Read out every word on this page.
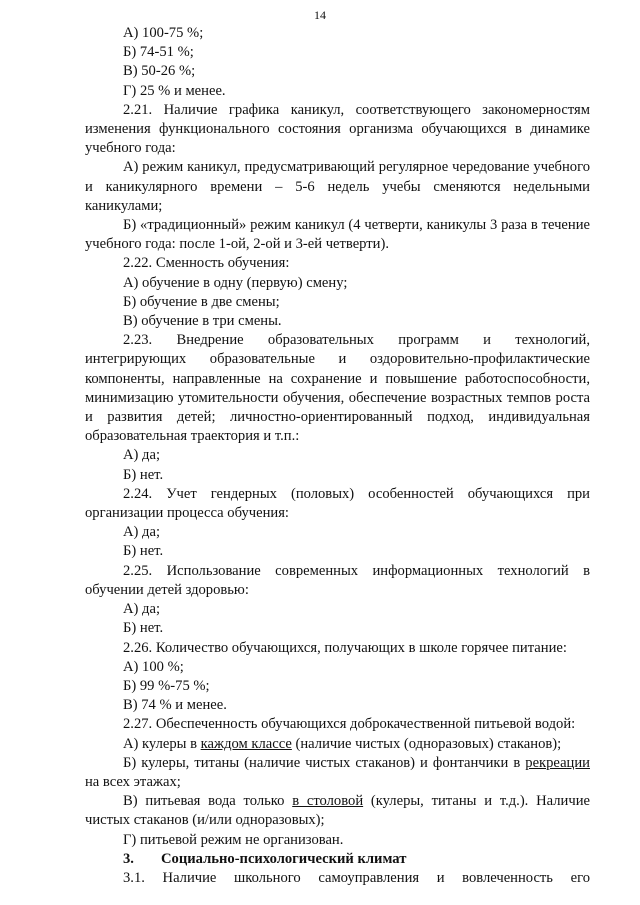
14

А) 100-75 %;

Б) 74-51 %;

В) 50-26 %;

Г) 25 % и менее.

2.21. Наличие графика каникул, соответствующего закономерностям изменения функционального состояния организма обучающихся в динамике учебного года:

А) режим каникул, предусматривающий регулярное чередование учебного и каникулярного времени – 5-6 недель учебы сменяются недельными каникулами;

Б) «традиционный» режим каникул (4 четверти, каникулы 3 раза в течение учебного года: после 1-ой, 2-ой и 3-ей четверти).

2.22. Сменность обучения:

А) обучение в одну (первую) смену;

Б) обучение в две смены;

В) обучение в три смены.

2.23. Внедрение образовательных программ и технологий, интегрирующих образовательные и оздоровительно-профилактические компоненты, направленные на сохранение и повышение работоспособности, минимизацию утомительности обучения, обеспечение возрастных темпов роста и развития детей; личностно-ориентированный подход, индивидуальная образовательная траектория и т.п.:

А) да;

Б) нет.

2.24. Учет гендерных (половых) особенностей обучающихся при организации процесса обучения:

А) да;

Б) нет.

2.25. Использование современных информационных технологий в обучении детей здоровью:

А) да;

Б) нет.

2.26. Количество обучающихся, получающих в школе горячее питание:

А) 100 %;

Б) 99 %-75 %;

В) 74 % и менее.

2.27. Обеспеченность обучающихся доброкачественной питьевой водой:

А) кулеры в каждом классе (наличие чистых (одноразовых) стаканов);

Б) кулеры, титаны (наличие чистых стаканов) и фонтанчики в рекреации на всех этажах;

В) питьевая вода только в столовой (кулеры, титаны и т.д.). Наличие чистых стаканов (и/или одноразовых);

Г) питьевой режим не организован.

3. Социально-психологический климат

3.1. Наличие школьного самоуправления и вовлеченность его
